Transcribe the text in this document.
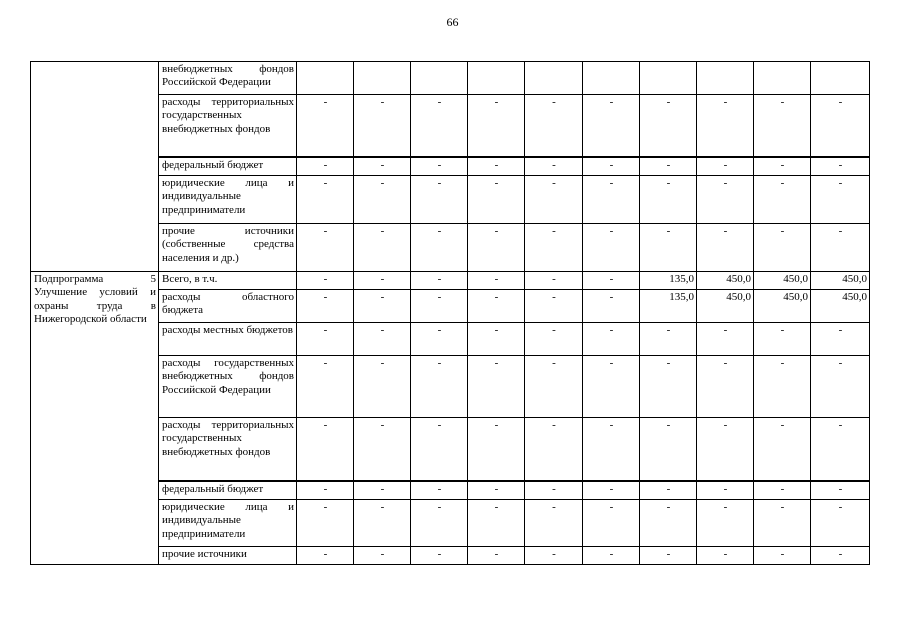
66
	внебюджетных фондов Российской Федерации										
	расходы территориальных государственных внебюджетных фондов	-	-	-	-	-	-	-	-	-	-
	федеральный бюджет	-	-	-	-	-	-	-	-	-	-
	юридические лица и индивидуальные предприниматели	-	-	-	-	-	-	-	-	-	-
	прочие источники (собственные средства населения и др.)	-	-	-	-	-	-	-	-	-	-
Подпрограмма 5 Улучшение условий и охраны труда в Нижегородской области	Всего, в т.ч.	-	-	-	-	-	-	135,0	450,0	450,0	450,0
	расходы областного бюджета	-	-	-	-	-	-	135,0	450,0	450,0	450,0
	расходы местных бюджетов	-	-	-	-	-	-	-	-	-	-
	расходы государственных внебюджетных фондов Российской Федерации	-	-	-	-	-	-	-	-	-	-
	расходы территориальных государственных внебюджетных фондов	-	-	-	-	-	-	-	-	-	-
	федеральный бюджет	-	-	-	-	-	-	-	-	-	-
	юридические лица и индивидуальные предприниматели	-	-	-	-	-	-	-	-	-	-
	прочие источники	-	-	-	-	-	-	-	-	-	-
